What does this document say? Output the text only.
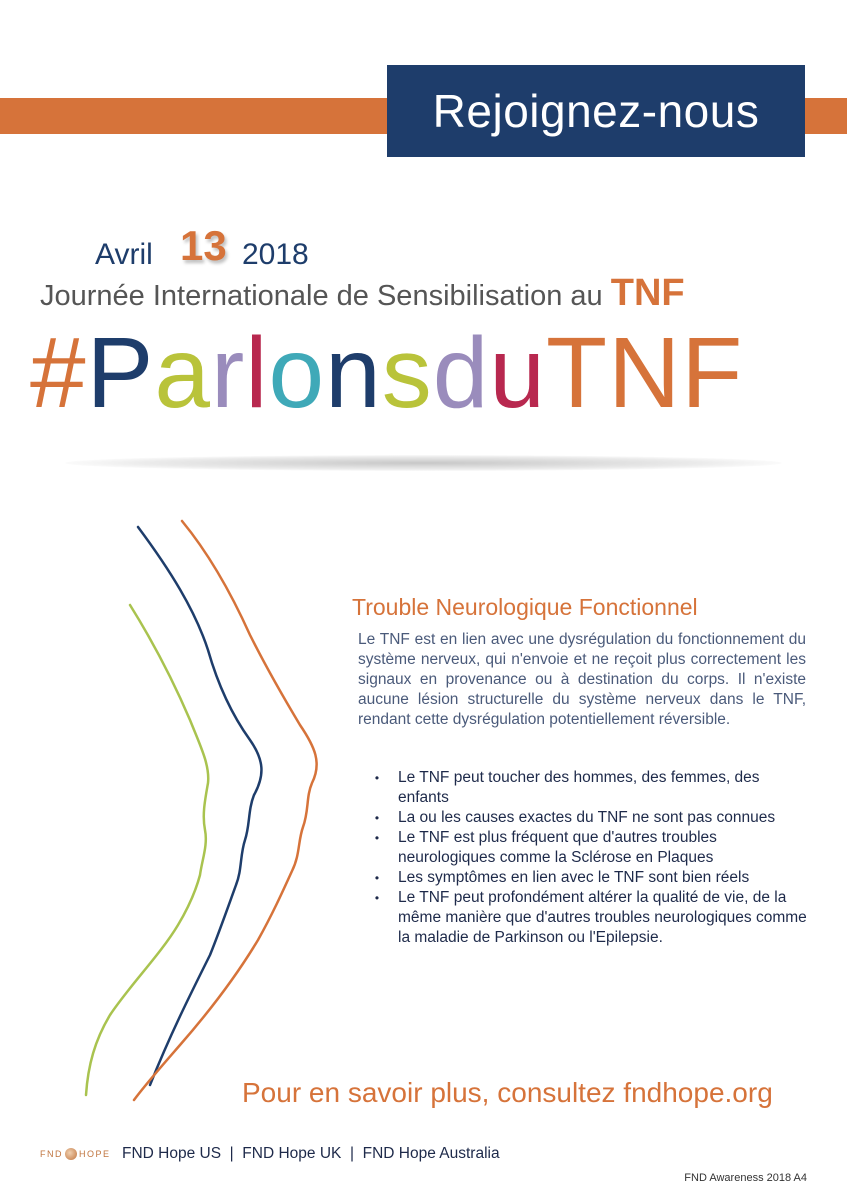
Rejoignez-nous
Avril 13 2018
Journée Internationale de Sensibilisation au TNF
#ParlonsduTNF
Trouble Neurologique Fonctionnel
Le TNF est en lien avec une dysrégulation du fonctionnement du système nerveux, qui n'envoie et ne reçoit plus correctement les signaux en provenance ou à destination du corps. Il n'existe aucune lésion structurelle du système nerveux dans le TNF, rendant cette dysrégulation potentiellement réversible.
• Le TNF peut toucher des hommes, des femmes, des enfants
• La ou les causes exactes du TNF ne sont pas connues
• Le TNF est plus fréquent que d'autres troubles neurologiques comme la Sclérose en Plaques
• Les symptômes en lien avec le TNF sont bien réels
• Le TNF peut profondément altérer la qualité de vie, de la même manière que d'autres troubles neurologiques comme la maladie de Parkinson ou l'Epilepsie.
Pour en savoir plus, consultez fndhope.org
FND HOPE FND Hope US  |  FND Hope UK  |  FND Hope Australia
FND Awareness 2018 A4
